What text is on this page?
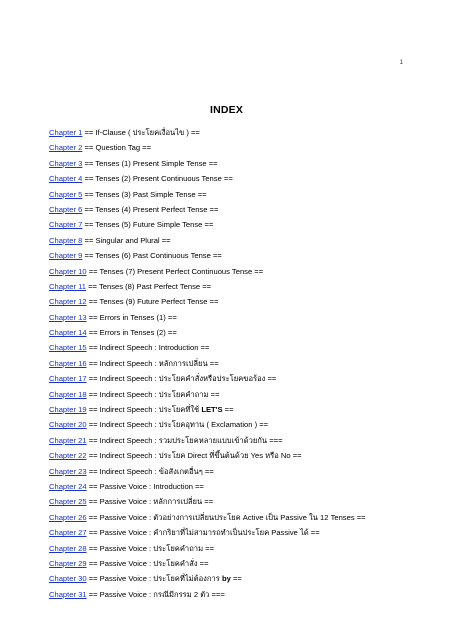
1
INDEX
Chapter 1 == If-Clause ( ประโยคเงื่อนไข ) ==
Chapter 2 == Question Tag ==
Chapter 3 == Tenses (1) Present Simple Tense ==
Chapter 4 == Tenses (2) Present Continuous Tense ==
Chapter 5 == Tenses (3) Past Simple Tense ==
Chapter 6 == Tenses (4) Present Perfect Tense ==
Chapter 7 == Tenses (5) Future Simple Tense ==
Chapter 8 == Singular and Plural ==
Chapter 9 == Tenses (6) Past Continuous Tense ==
Chapter 10 == Tenses (7) Present Perfect Continuous Tense ==
Chapter 11 == Tenses (8) Past Perfect Tense ==
Chapter 12 == Tenses (9) Future Perfect Tense ==
Chapter 13 == Errors in Tenses (1) ==
Chapter 14 == Errors in Tenses (2) ==
Chapter 15 == Indirect Speech : Introduction ==
Chapter 16 == Indirect Speech : หลักการเปลี่ยน ==
Chapter 17 == Indirect Speech : ประโยคคำสั่งหรือประโยคขอร้อง ==
Chapter 18 == Indirect Speech : ประโยคคำถาม ==
Chapter 19 == Indirect Speech : ประโยคที่ใช้ LET'S ==
Chapter 20 == Indirect Speech : ประโยคอุทาน ( Exclamation ) ==
Chapter 21 == Indirect Speech : รวมประโยคหลายแบบเข้าด้วยกัน ===
Chapter 22 == Indirect Speech : ประโยค Direct ที่ขึ้นต้นด้วย Yes หรือ No ==
Chapter 23 == Indirect Speech : ข้อสังเกตอื่นๆ ==
Chapter 24 == Passive Voice : Introduction ==
Chapter 25 == Passive Voice : หลักการเปลี่ยน ==
Chapter 26 == Passive Voice : ตัวอย่างการเปลี่ยนประโยค Active เป็น Passive ใน 12 Tenses ==
Chapter 27 == Passive Voice : คำกริยาที่ไม่สามารถทำเป็นประโยค Passive ได้ ==
Chapter 28 == Passive Voice : ประโยคคำถาม ==
Chapter 29 == Passive Voice : ประโยคคำสั่ง ==
Chapter 30 == Passive Voice : ประโยคที่ไม่ต้องการ by ==
Chapter 31 == Passive Voice : กรณีมีกรรม 2 ตัว ===
